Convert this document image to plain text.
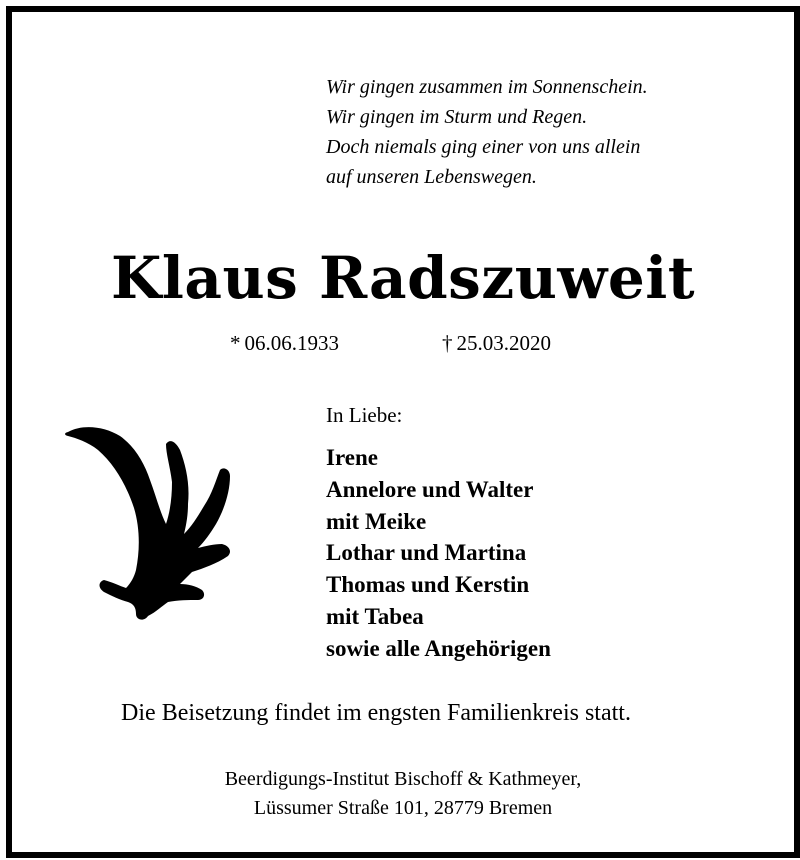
Wir gingen zusammen im Sonnenschein.
Wir gingen im Sturm und Regen.
Doch niemals ging einer von uns allein
auf unseren Lebenswegen.
Klaus Radszuweit
* 06.06.1933	† 25.03.2020
In Liebe:
Irene
Annelore und Walter
mit Meike
Lothar und Martina
Thomas und Kerstin
mit Tabea
sowie alle Angehörigen
Die Beisetzung findet im engsten Familienkreis statt.
Beerdigungs-Institut Bischoff & Kathmeyer,
Lüssumer Straße 101, 28779 Bremen
